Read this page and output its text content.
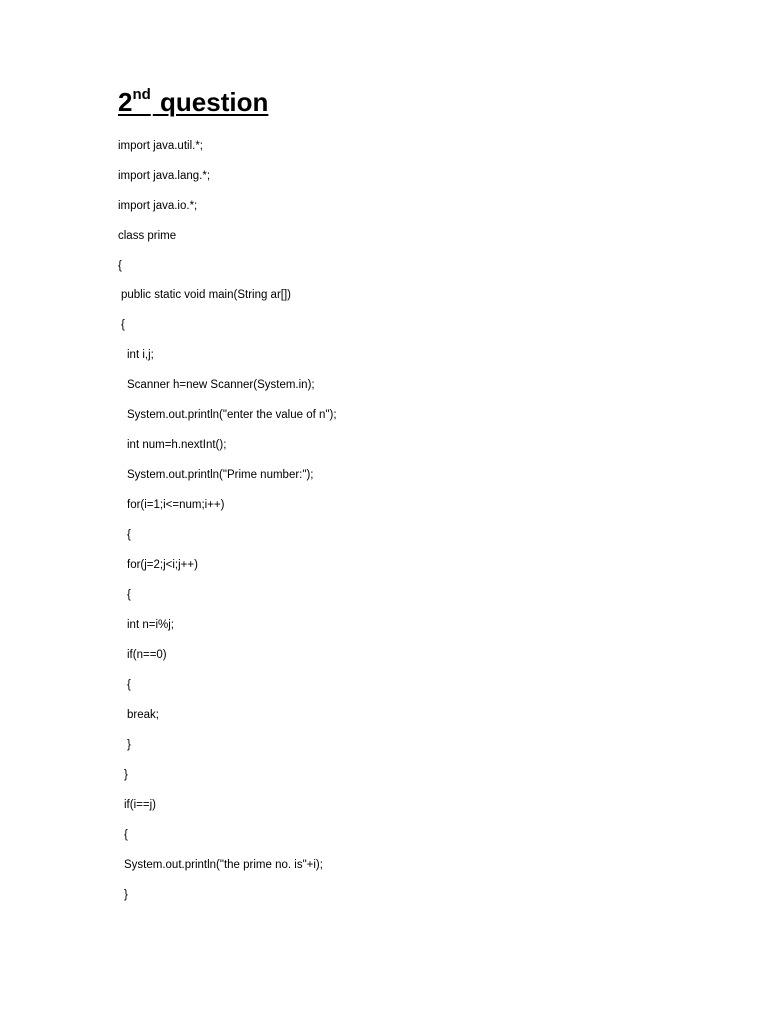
2nd question

import java.util.*;

import java.lang.*;

import java.io.*;

class prime

{

public static void main(String ar[])

{

int i,j;

Scanner h=new Scanner(System.in);

System.out.println("enter the value of n");

int num=h.nextInt();

System.out.println("Prime number:");

for(i=1;i<=num;i++)

{

for(j=2;j<i;j++)

{

int n=i%j;

if(n==0)

{

break;

}

}

if(i==j)

{

System.out.println("the prime no. is"+i);

}
